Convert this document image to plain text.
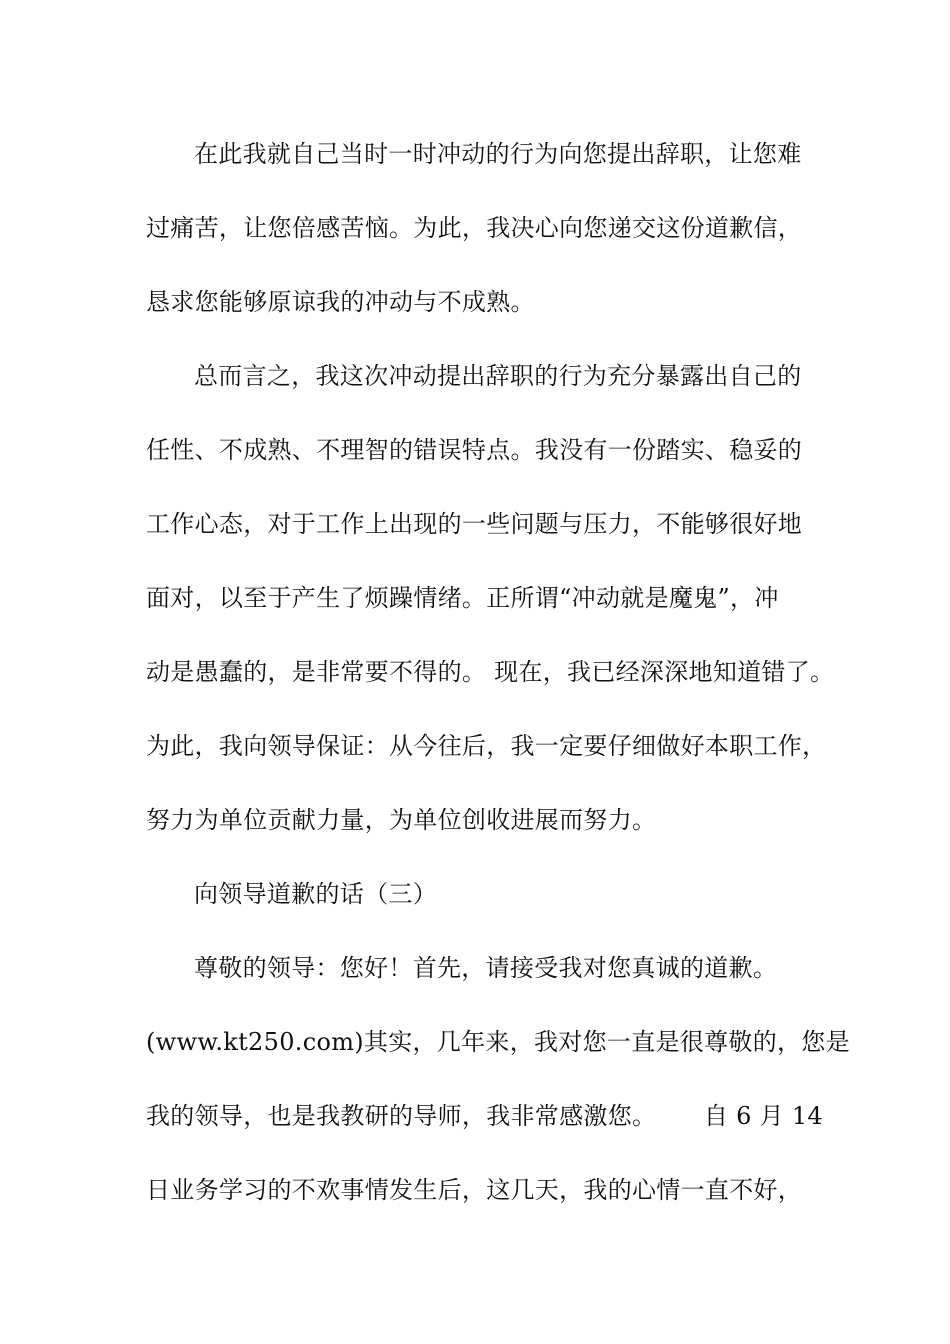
在此我就自己当时一时冲动的行为向您提出辞职，让您难
过痛苦，让您倍感苦恼。为此，我决心向您递交这份道歉信，
恳求您能够原谅我的冲动与不成熟。
总而言之，我这次冲动提出辞职的行为充分暴露出自己的
任性、不成熟、不理智的错误特点。我没有一份踏实、稳妥的
工作心态，对于工作上出现的一些问题与压力，不能够很好地
面对，以至于产生了烦躁情绪。正所谓“冲动就是魔鬼”，冲
动是愚蠢的，是非常要不得的。 现在，我已经深深地知道错了。
为此，我向领导保证：从今往后，我一定要仔细做好本职工作，
努力为单位贡献力量，为单位创收进展而努力。
向领导道歉的话（三）
尊敬的领导：您好！首先，请接受我对您真诚的道歉。
(www.kt250.com)其实，几年来，我对您一直是很尊敬的，您是
我的领导，也是我教研的导师，我非常感激您。      自 6 月 14
日业务学习的不欢事情发生后，这几天，我的心情一直不好，
